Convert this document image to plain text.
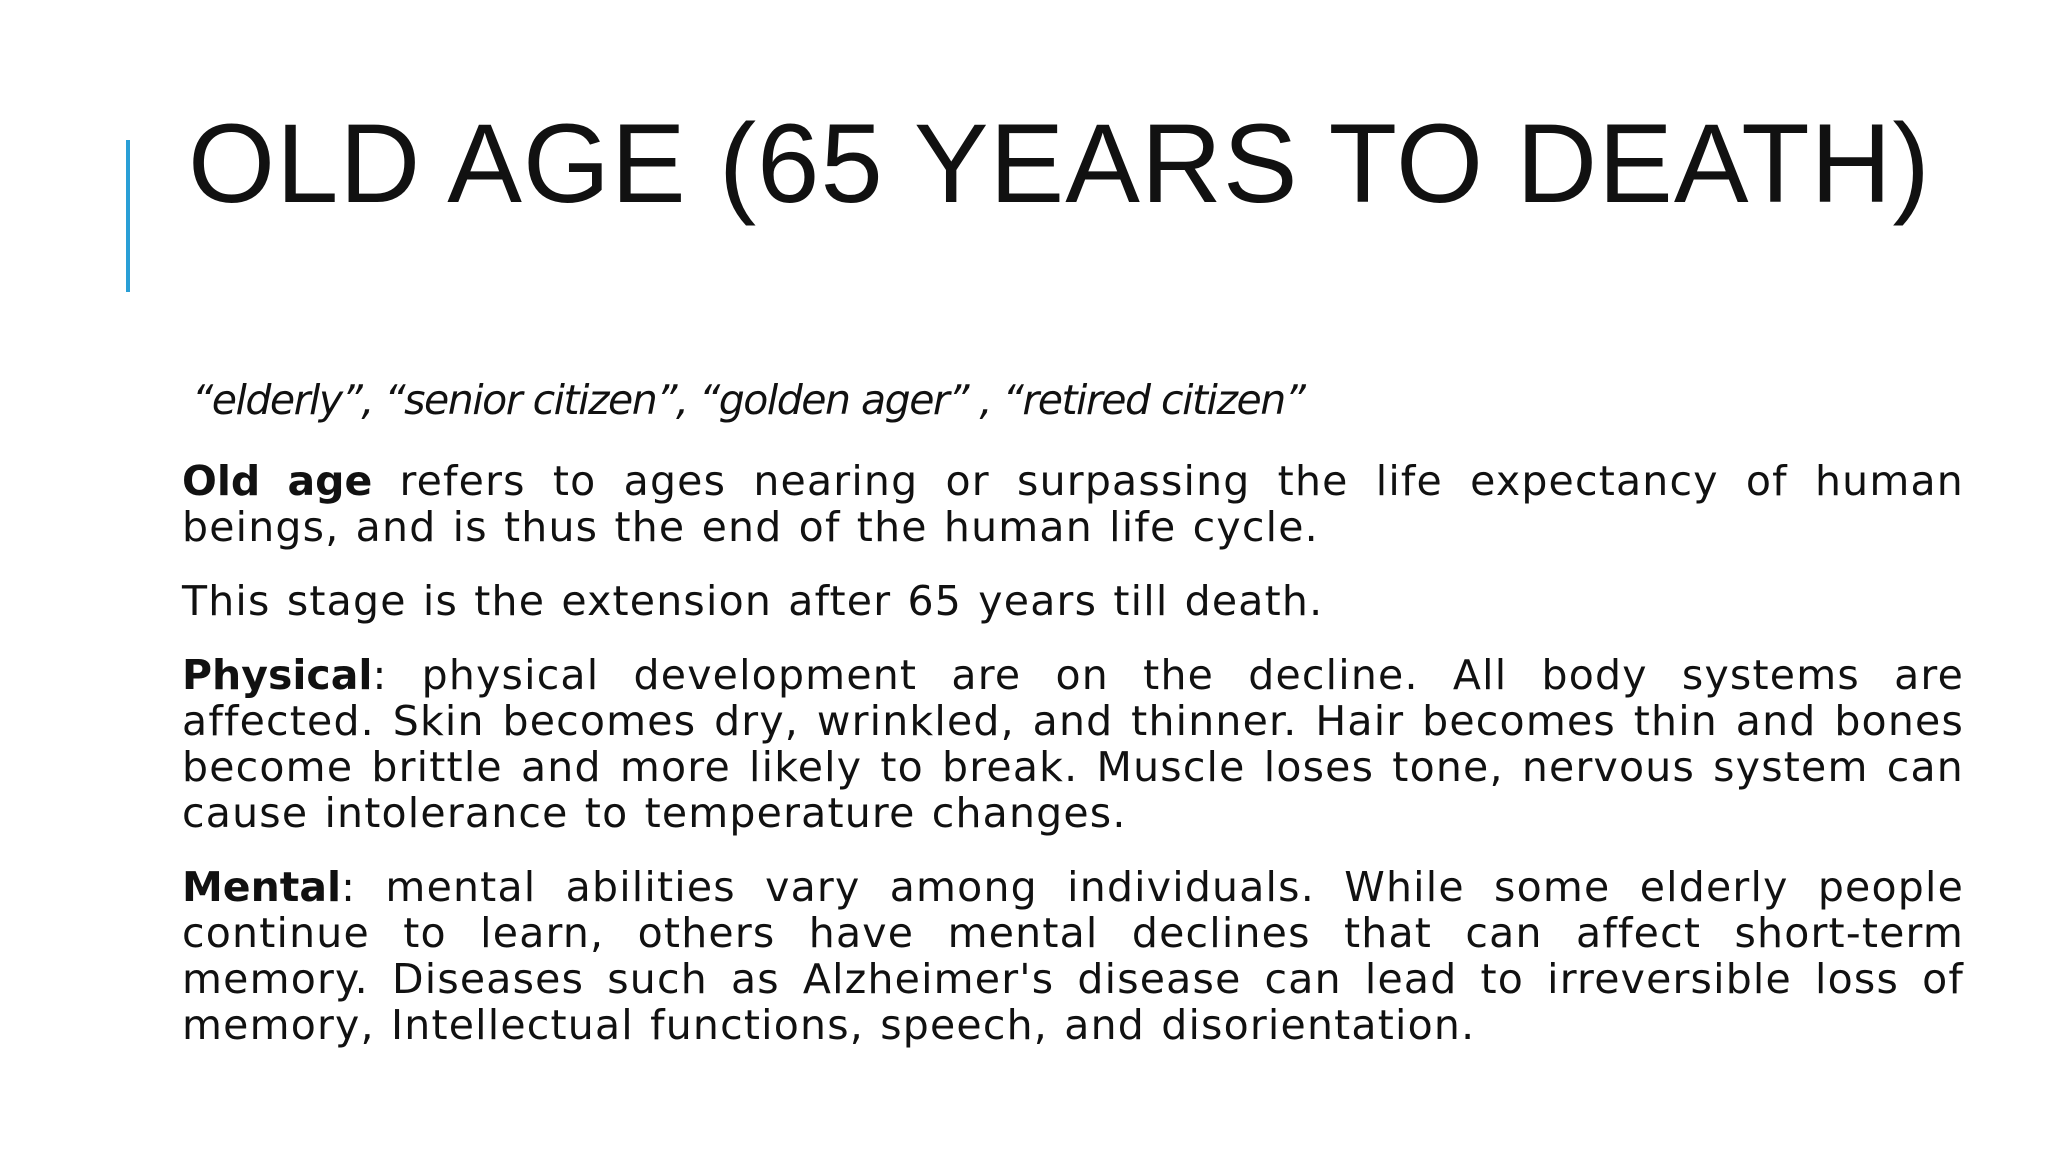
OLD AGE (65 YEARS TO DEATH)

“elderly”, “senior citizen”, “golden ager” , “retired citizen”

Old age refers to ages nearing or surpassing the life expectancy of human beings, and is thus the end of the human life cycle.

This stage is the extension after 65 years till death.

Physical: physical development are on the decline. All body systems are affected. Skin becomes dry, wrinkled, and thinner. Hair becomes thin and bones become brittle and more likely to break. Muscle loses tone, nervous system can cause intolerance to temperature changes.

Mental: mental abilities vary among individuals. While some elderly people continue to learn, others have mental declines that can affect short-term memory. Diseases such as Alzheimer's disease can lead to irreversible loss of memory, Intellectual functions, speech, and disorientation.
